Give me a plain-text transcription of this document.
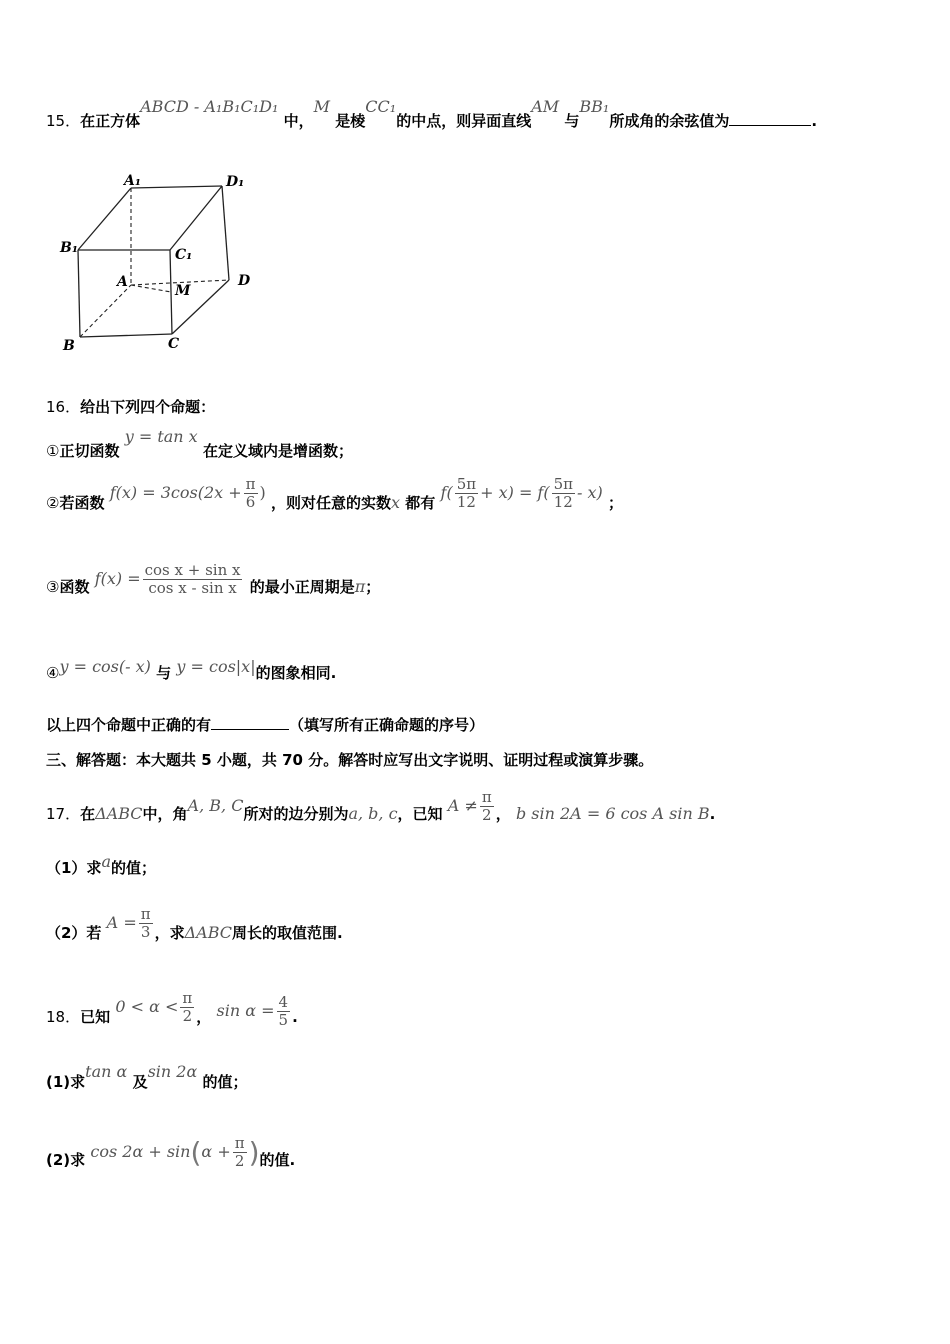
15．在正方体ABCD - A₁B₁C₁D₁ 中，M 是棱CC₁的中点，则异面直线AM 与BB₁所成角的余弦值为	.
A₁	D₁
B₁	C₁
A
M
D
B	C
16．给出下列四个命题：
①正切函数 y = tan x 在定义域内是增函数；
②若函数 $f(x) = 3\cos(2x + \frac{\pi}{6}$ ) ，则对任意的实数x 都有 $f( \frac{5\pi}{12} + x) = f( \frac{5\pi}{12} - x)$ ；
③函数 $f(x) = \frac{\text{cos x + sin x}}{\text{cos x - sin x}}$ 的最小正周期是π；
④y = cos(- x) 与 y = cos|x|的图象相同.
以上四个命题中正确的有	（填写所有正确命题的序号）
三、解答题：本大题共 5 小题，共 70 分。解答时应写出文字说明、证明过程或演算步骤。
17．在ΔABC中，角A, B, C所对的边分别为a, b, c，已知 $A \ne \frac{\pi}{2}$ ， b sin 2A = 6 cos A sin B.
（1）求a的值；
（2）若 $A = \frac{\pi}{3}$ ，求ΔABC周长的取值范围.
18．已知 $0 < \alpha < \frac{\pi}{2}$ ， $\sin \alpha = \frac{4}{5}$ .
(1)求tan α 及sin 2α 的值；
(2)求 $\cos 2\alpha + \sin(\alpha + \frac{\pi}{2}$ )的值.
